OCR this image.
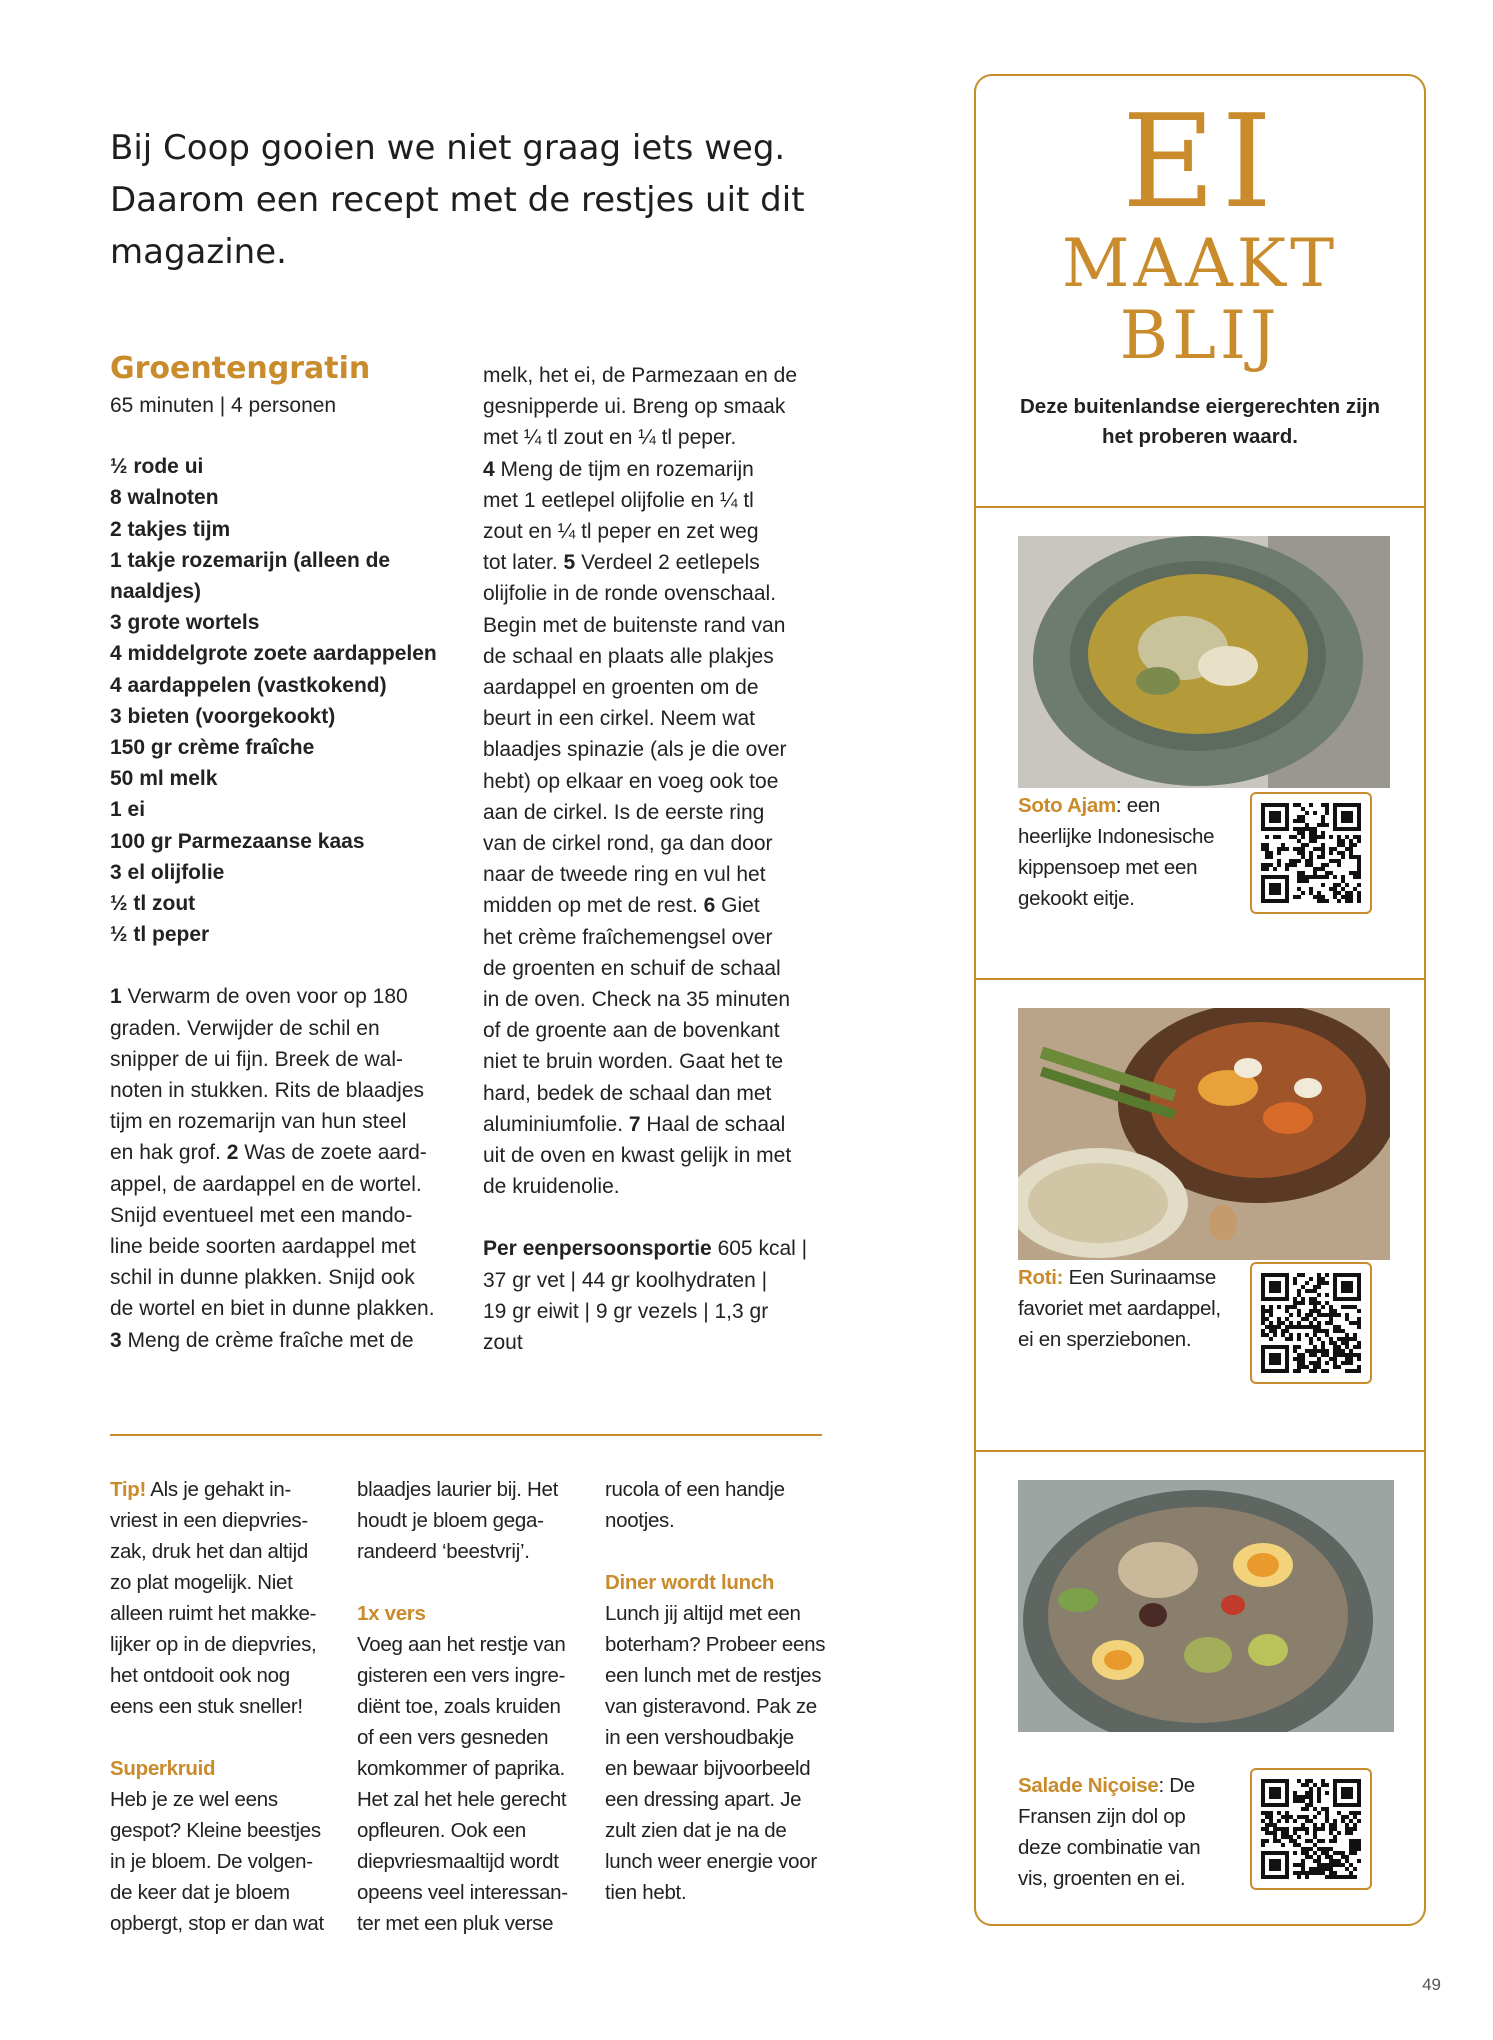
Bij Coop gooien we niet graag iets weg.
Daarom een recept met de restjes uit dit
magazine.
Groentengratin
65 minuten | 4 personen
½ rode ui
8 walnoten
2 takjes tijm
1 takje rozemarijn (alleen de
naaldjes)
3 grote wortels
4 middelgrote zoete aardappelen
4 aardappelen (vastkokend)
3 bieten (voorgekookt)
150 gr crème fraîche
50 ml melk
1 ei
100 gr Parmezaanse kaas
3 el olijfolie
½ tl zout
½ tl peper

1 Verwarm de oven voor op 180

graden. Verwijder de schil en

snipper de ui fijn. Breek de wal-

noten in stukken. Rits de blaadjes

tijm en rozemarijn van hun steel

en hak grof. 2 Was de zoete aard-

appel, de aardappel en de wortel.

Snijd eventueel met een mando-

line beide soorten aardappel met

schil in dunne plakken. Snijd ook

de wortel en biet in dunne plakken.

3 Meng de crème fraîche met de

melk, het ei, de Parmezaan en de

gesnipperde ui. Breng op smaak

met ¼ tl zout en ¼ tl peper.

4 Meng de tijm en rozemarijn

met 1 eetlepel olijfolie en ¼ tl

zout en ¼ tl peper en zet weg

tot later. 5 Verdeel 2 eetlepels

olijfolie in de ronde ovenschaal.

Begin met de buitenste rand van

de schaal en plaats alle plakjes

aardappel en groenten om de

beurt in een cirkel. Neem wat

blaadjes spinazie (als je die over

hebt) op elkaar en voeg ook toe

aan de cirkel. Is de eerste ring

van de cirkel rond, ga dan door

naar de tweede ring en vul het

midden op met de rest. 6 Giet

het crème fraîchemengsel over

de groenten en schuif de schaal

in de oven. Check na 35 minuten

of de groente aan de bovenkant

niet te bruin worden. Gaat het te

hard, bedek de schaal dan met

aluminiumfolie. 7 Haal de schaal

uit de oven en kwast gelijk in met

de kruidenolie.

Per eenpersoonsportie 605 kcal |

37 gr vet | 44 gr koolhydraten |

19 gr eiwit | 9 gr vezels | 1,3 gr

zout

Tip! Als je gehakt in-

vriest in een diepvries-

zak, druk het dan altijd

zo plat mogelijk. Niet

alleen ruimt het makke-

lijker op in de diepvries,

het ontdooit ook nog

eens een stuk sneller!

Superkruid

Heb je ze wel eens

gespot? Kleine beestjes

in je bloem. De volgen-

de keer dat je bloem

opbergt, stop er dan wat

blaadjes laurier bij. Het

houdt je bloem gega-

randeerd ‘beestvrij’.

1x vers

Voeg aan het restje van

gisteren een vers ingre-

diënt toe, zoals kruiden

of een vers gesneden

komkommer of paprika.

Het zal het hele gerecht

opfleuren. Ook een

diepvriesmaaltijd wordt

opeens veel interessan-

ter met een pluk verse

rucola of een handje

nootjes.

Diner wordt lunch

Lunch jij altijd met een

boterham? Probeer eens

een lunch met de restjes

van gisteravond. Pak ze

in een vershoudbakje

en bewaar bijvoorbeeld

een dressing apart. Je

zult zien dat je na de

lunch weer energie voor

tien hebt.

EI
MAAKT
BLIJ
Deze buitenlandse eiergerechten zijn
het proberen waard.
Soto Ajam: een
heerlijke Indonesische
kippensoep met een
gekookt eitje.
Roti: Een Surinaamse
favoriet met aardappel,
ei en sperziebonen.
Salade Niçoise: De
Fransen zijn dol op
deze combinatie van
vis, groenten en ei.
49
